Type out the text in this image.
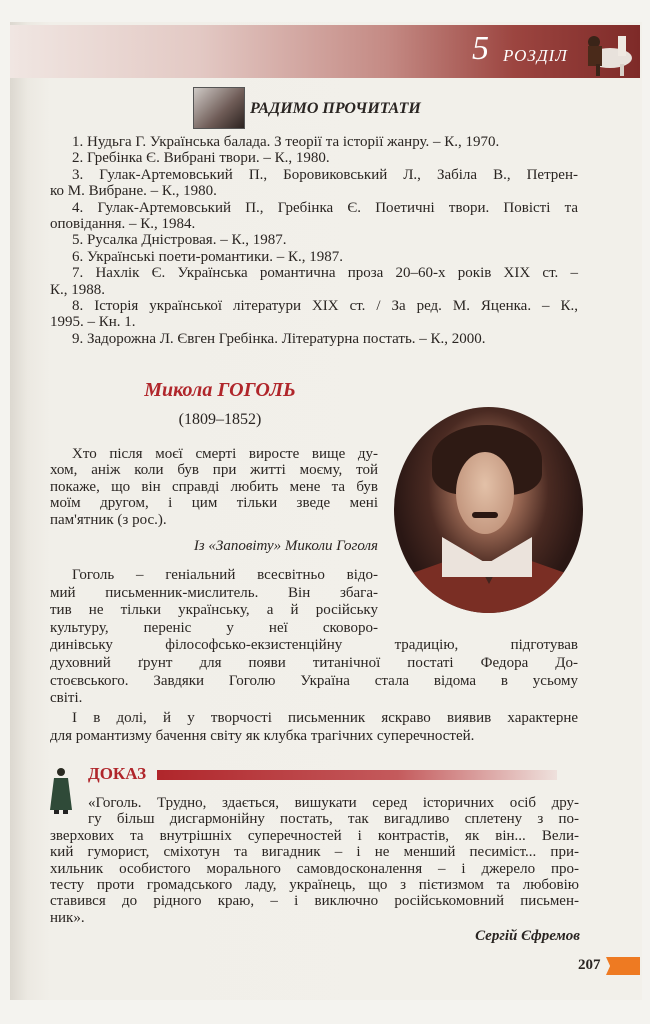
5 РОЗДІЛ
РАДИМО ПРОЧИТАТИ
1. Нудьга Г. Українська балада. З теорії та історії жанру. – К., 1970.
2. Гребінка Є. Вибрані твори. – К., 1980.
3. Гулак-Артемовський П., Боровиковський Л., Забіла В., Петрен-
ко М. Вибране. – К., 1980.
4. Гулак-Артемовський П., Гребінка Є. Поетичні твори. Повісті та
оповідання. – К., 1984.
5. Русалка Дністровая. – К., 1987.
6. Українські поети-романтики. – К., 1987.
7. Нахлік Є. Українська романтична проза 20–60-х років XIX ст. –
К., 1988.
8. Історія української літератури XIX ст. / За ред. М. Яценка. – К.,
1995. – Кн. 1.
9. Задорожна Л. Євген Гребінка. Літературна постать. – К., 2000.
Микола ГОГОЛЬ
(1809–1852)
Хто після моєї смерті виросте вище ду-
хом, аніж коли був при житті моєму, той
покаже, що він справді любить мене та був
моїм другом, і цим тільки зведе мені
пам'ятник (з рос.).
Із «Заповіту» Миколи Гоголя
Гоголь – геніальний всесвітньо відо-
мий письменник-мислитель. Він збага-
тив не тільки українську, а й російську
культуру, переніс у неї сковоро-
динівську філософсько-екзистенційну традицію, підготував
духовний ґрунт для появи титанічної постаті Федора До-
стоєвського. Завдяки Гоголю Україна стала відома в усьому
світі.
І в долі, й у творчості письменник яскраво виявив характерне
для романтизму бачення світу як клубка трагічних суперечностей.
ДОКАЗ
«Гоголь. Трудно, здається, вишукати серед історичних осіб дру-
гу більш дисгармонійну постать, так вигадливо сплетену з по-
зверхових та внутрішніх суперечностей і контрастів, як він... Вели-
кий гуморист, сміхотун та вигадник – і не менший песиміст... при-
хильник особистого морального самовдосконалення – і джерело про-
тесту проти громадського ладу, українець, що з пієтизмом та любовію
ставився до рідного краю, – і виключно російськомовний письмен-
ник».
Сергій Єфремов
207
